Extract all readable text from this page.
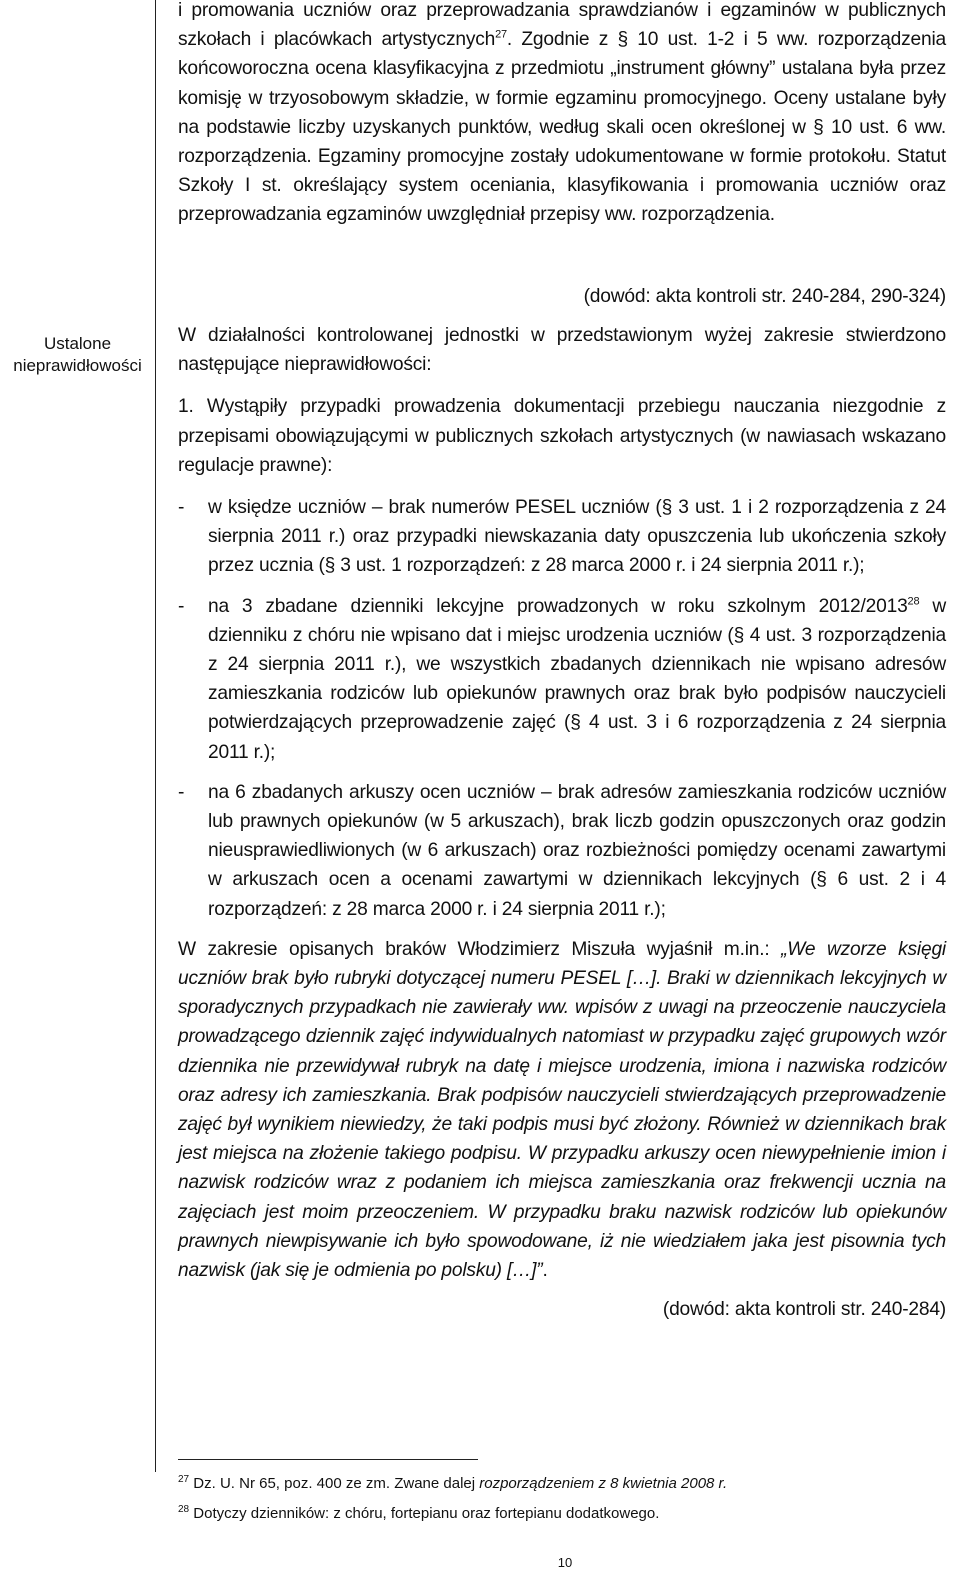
Ustalone
nieprawidłowości

i promowania uczniów oraz przeprowadzania sprawdzianów i egzaminów w publicznych szkołach i placówkach artystycznych$^{27}$. Zgodnie z § 10 ust. 1-2 i 5 ww. rozporządzenia końcoworoczna ocena klasyfikacyjna z przedmiotu „instrument główny” ustalana była przez komisję w trzyosobowym składzie, w formie egzaminu promocyjnego. Oceny ustalane były na podstawie liczby uzyskanych punktów, według skali ocen określonej w § 10 ust. 6 ww. rozporządzenia. Egzaminy promocyjne zostały udokumentowane w formie protokołu. Statut Szkoły I st. określający system oceniania, klasyfikowania i promowania uczniów oraz przeprowadzania egzaminów uwzględniał przepisy ww. rozporządzenia.

(dowód: akta kontroli str. 240-284, 290-324)

W działalności kontrolowanej jednostki w przedstawionym wyżej zakresie stwierdzono następujące nieprawidłowości:

1. Wystąpiły przypadki prowadzenia dokumentacji przebiegu nauczania niezgodnie z przepisami obowiązującymi w publicznych szkołach artystycznych (w nawiasach wskazano regulacje prawne):

-	w księdze uczniów – brak numerów PESEL uczniów (§ 3 ust. 1 i 2 rozporządzenia z 24 sierpnia 2011 r.) oraz przypadki niewskazania daty opuszczenia lub ukończenia szkoły przez ucznia (§ 3 ust. 1 rozporządzeń: z 28 marca 2000 r. i 24 sierpnia 2011 r.);
-	na 3 zbadane dzienniki lekcyjne prowadzonych w roku szkolnym 2012/2013$^{28}$ w dzienniku z chóru nie wpisano dat i miejsc urodzenia uczniów (§ 4 ust. 3 rozporządzenia z 24 sierpnia 2011 r.), we wszystkich zbadanych dziennikach nie wpisano adresów zamieszkania rodziców lub opiekunów prawnych oraz brak było podpisów nauczycieli potwierdzających przeprowadzenie zajęć (§ 4 ust. 3 i 6 rozporządzenia z 24 sierpnia 2011 r.);
-	na 6 zbadanych arkuszy ocen uczniów – brak adresów zamieszkania rodziców uczniów lub prawnych opiekunów (w 5 arkuszach), brak liczb godzin opuszczonych oraz godzin nieusprawiedliwionych (w 6 arkuszach) oraz rozbieżności pomiędzy ocenami zawartymi w arkuszach ocen a ocenami zawartymi w dziennikach lekcyjnych (§ 6 ust. 2 i 4 rozporządzeń: z 28 marca 2000 r. i 24 sierpnia 2011 r.);

W zakresie opisanych braków Włodzimierz Miszuła wyjaśnił m.in.: „We wzorze księgi uczniów brak było rubryki dotyczącej numeru PESEL […]. Braki w dziennikach lekcyjnych w sporadycznych przypadkach nie zawierały ww. wpisów z uwagi na przeoczenie nauczyciela prowadzącego dziennik zajęć indywidualnych natomiast w przypadku zajęć grupowych wzór dziennika nie przewidywał rubryk na datę i miejsce urodzenia, imiona i nazwiska rodziców oraz adresy ich zamieszkania. Brak podpisów nauczycieli stwierdzających przeprowadzenie zajęć był wynikiem niewiedzy, że taki podpis musi być złożony. Również w dziennikach brak jest miejsca na złożenie takiego podpisu. W przypadku arkuszy ocen niewypełnienie imion i nazwisk rodziców wraz z podaniem ich miejsca zamieszkania oraz frekwencji ucznia na zajęciach jest moim przeoczeniem. W przypadku braku nazwisk rodziców lub opiekunów prawnych niewpisywanie ich było spowodowane, iż nie wiedziałem jaka jest pisownia tych nazwisk (jak się je odmienia po polsku) […]”.

(dowód: akta kontroli str. 240-284)

$^{27}$ Dz. U. Nr 65, poz. 400 ze zm. Zwane dalej rozporządzeniem z 8 kwietnia 2008 r.
$^{28}$ Dotyczy dzienników: z chóru, fortepianu oraz fortepianu dodatkowego.
10
